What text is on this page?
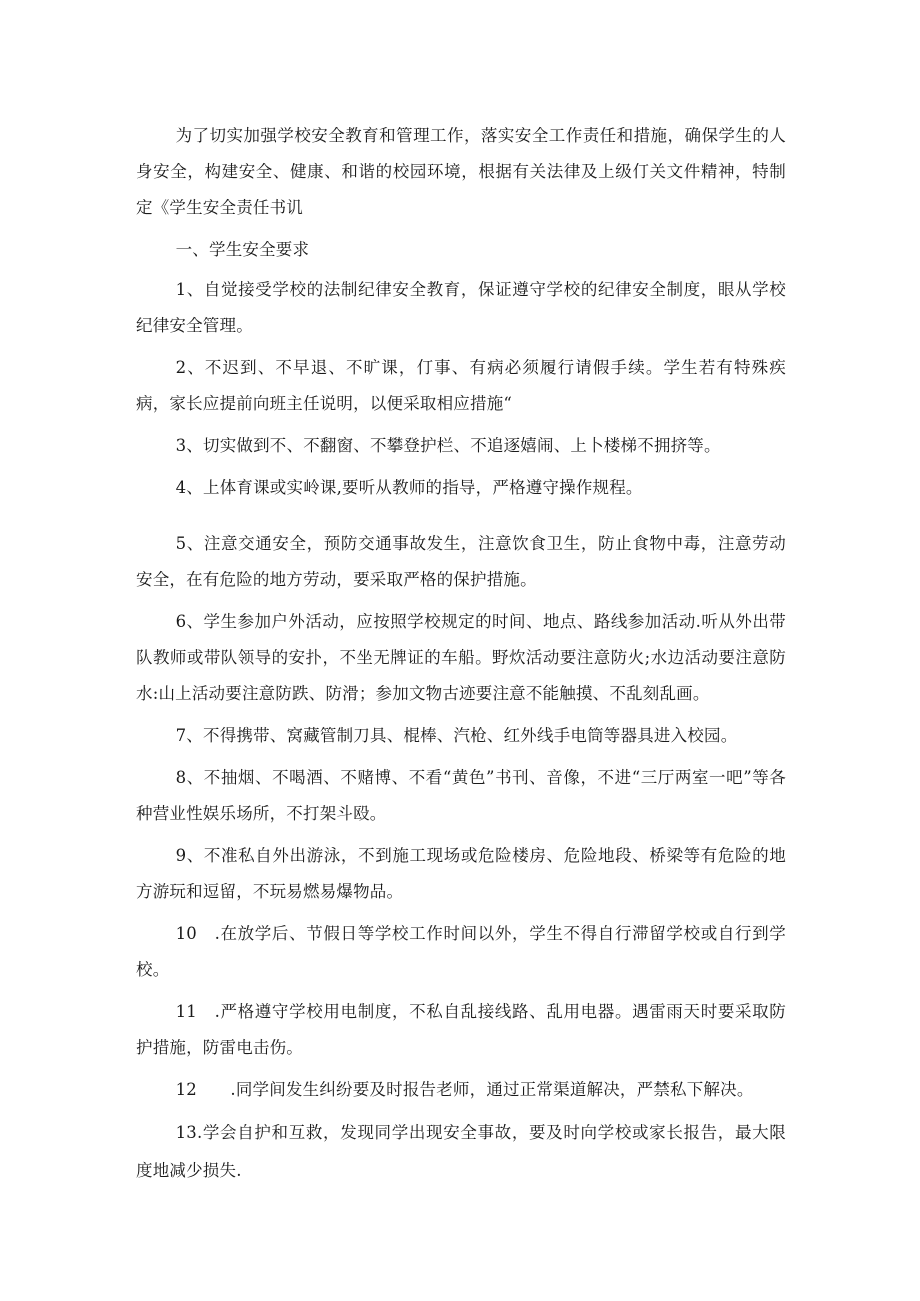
为了切实加强学校安全教育和管理工作，落实安全工作责任和措施，确保学生的人身安全，构建安全、健康、和谐的校园环境，根据有关法律及上级仃关文件精神，特制定《学生安全责任书讥

一、学生安全要求

1、自觉接受学校的法制纪律安全教育，保证遵守学校的纪律安全制度，眼从学校纪律安全管理。

2、不迟到、不早退、不旷课，仃事、有病必须履行请假手续。学生若有特殊疾病，家长应提前向班主任说明，以便采取相应措施“

3、切实做到不、不翻窗、不攀登护栏、不追逐嬉闹、上卜楼梯不拥挤等。

4、上体育课或实岭课,要听从教师的指导，严格遵守操作规程。

5、注意交通安全，预防交通事故发生，注意饮食卫生，防止食物中毒，注意劳动安全，在有危险的地方劳动，要采取严格的保护措施。

6、学生参加户外活动，应按照学校规定的时间、地点、路线参加活动.听从外出带队教师或带队领导的安扑，不坐无牌证的车船。野炊活动要注意防火;水边活动要注意防水:山上活动要注意防跌、防滑；参加文物古迹要注意不能触摸、不乱刻乱画。

7、不得携带、窝藏管制刀具、棍棒、汽枪、红外线手电筒等器具进入校园。

8、不抽烟、不喝酒、不赌博、不看“黄色”书刊、音像，不进“三厅两室一吧”等各种营业性娱乐场所，不打架斗殴。

9、不准私自外出游泳，不到施工现场或危险楼房、危险地段、桥梁等有危险的地方游玩和逗留，不玩易燃易爆物品。

10　.在放学后、节假日等学校工作时间以外，学生不得自行滞留学校或自行到学校。

11　.严格遵守学校用电制度，不私自乱接线路、乱用电器。遇雷雨天时要采取防护措施，防雷电击伤。

12　　.同学间发生纠纷要及时报告老师，通过正常渠道解决，严禁私下解决。

13.学会自护和互救，发现同学出现安全事故，要及时向学校或家长报告，最大限度地减少损失.
